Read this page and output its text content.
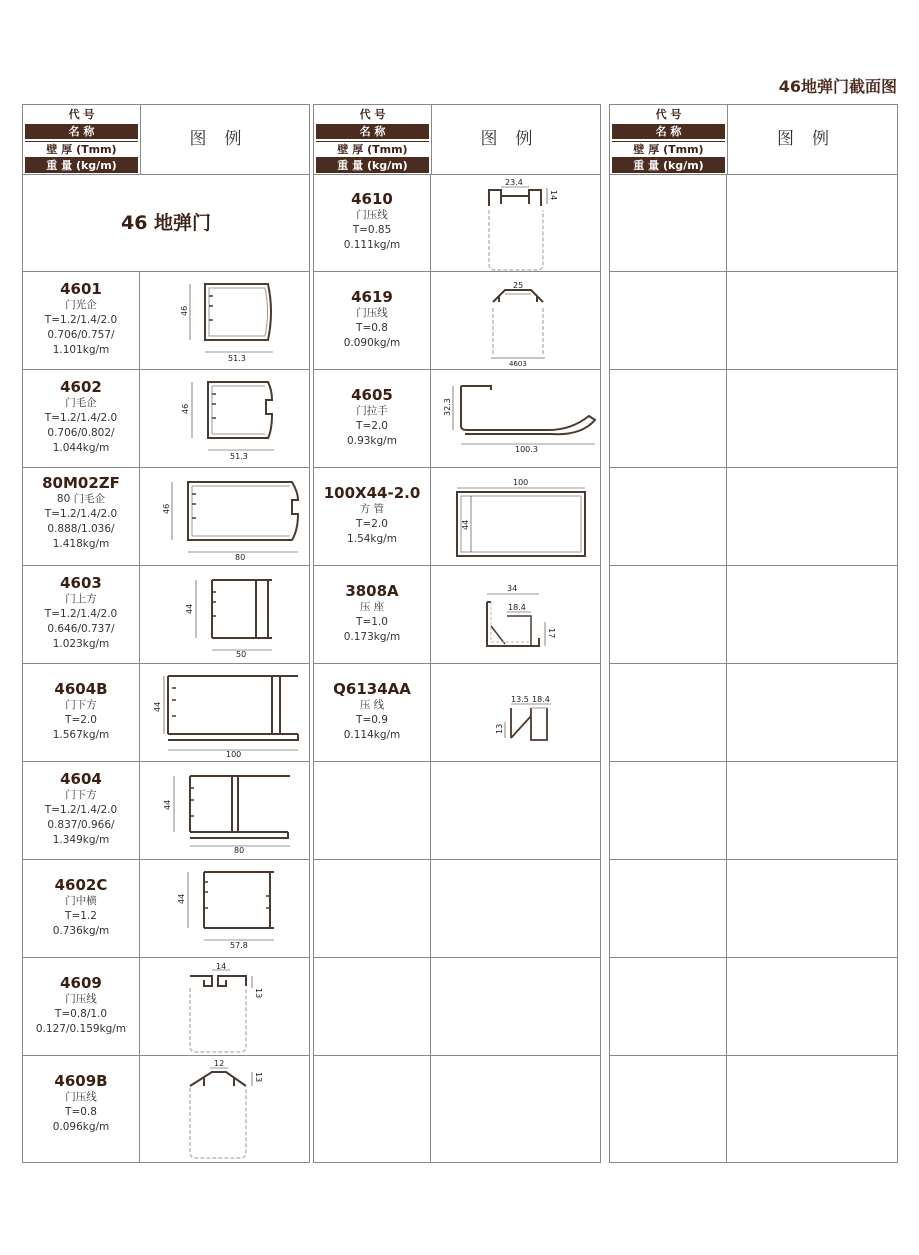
46地弹门截面图
代 号
名 称
壁 厚 (Tmm)
重 量 (kg/m)
图例
46 地弹门
4601
门光企
T=1.2/1.4/2.0
0.706/0.757/
1.101kg/m
46
51.3
4602
门毛企
T=1.2/1.4/2.0
0.706/0.802/
1.044kg/m
46
51.3
80M02ZF
80 门毛企
T=1.2/1.4/2.0
0.888/1.036/
1.418kg/m
46
80
4603
门上方
T=1.2/1.4/2.0
0.646/0.737/
1.023kg/m
44
50
4604B
门下方
T=2.0
1.567kg/m
44
100
4604
门下方
T=1.2/1.4/2.0
0.837/0.966/
1.349kg/m
44
80
4602C
门中横
T=1.2
0.736kg/m
44
57.8
4609
门压线
T=0.8/1.0
0.127/0.159kg/m
14
13
4609B
门压线
T=0.8
0.096kg/m
12
13
代 号
名 称
壁 厚 (Tmm)
重 量 (kg/m)
图例
4610
门压线
T=0.85
0.111kg/m
23.4
14
4619
门压线
T=0.8
0.090kg/m
25
4603
4605
门拉手
T=2.0
0.93kg/m
32.3
100.3
100X44-2.0
方 管
T=2.0
1.54kg/m
100
44
3808A
压 座
T=1.0
0.173kg/m
34
18.4
17
Q6134AA
压 线
T=0.9
0.114kg/m
13.5 18.4
13
代 号
名 称
壁 厚 (Tmm)
重 量 (kg/m)
图例
